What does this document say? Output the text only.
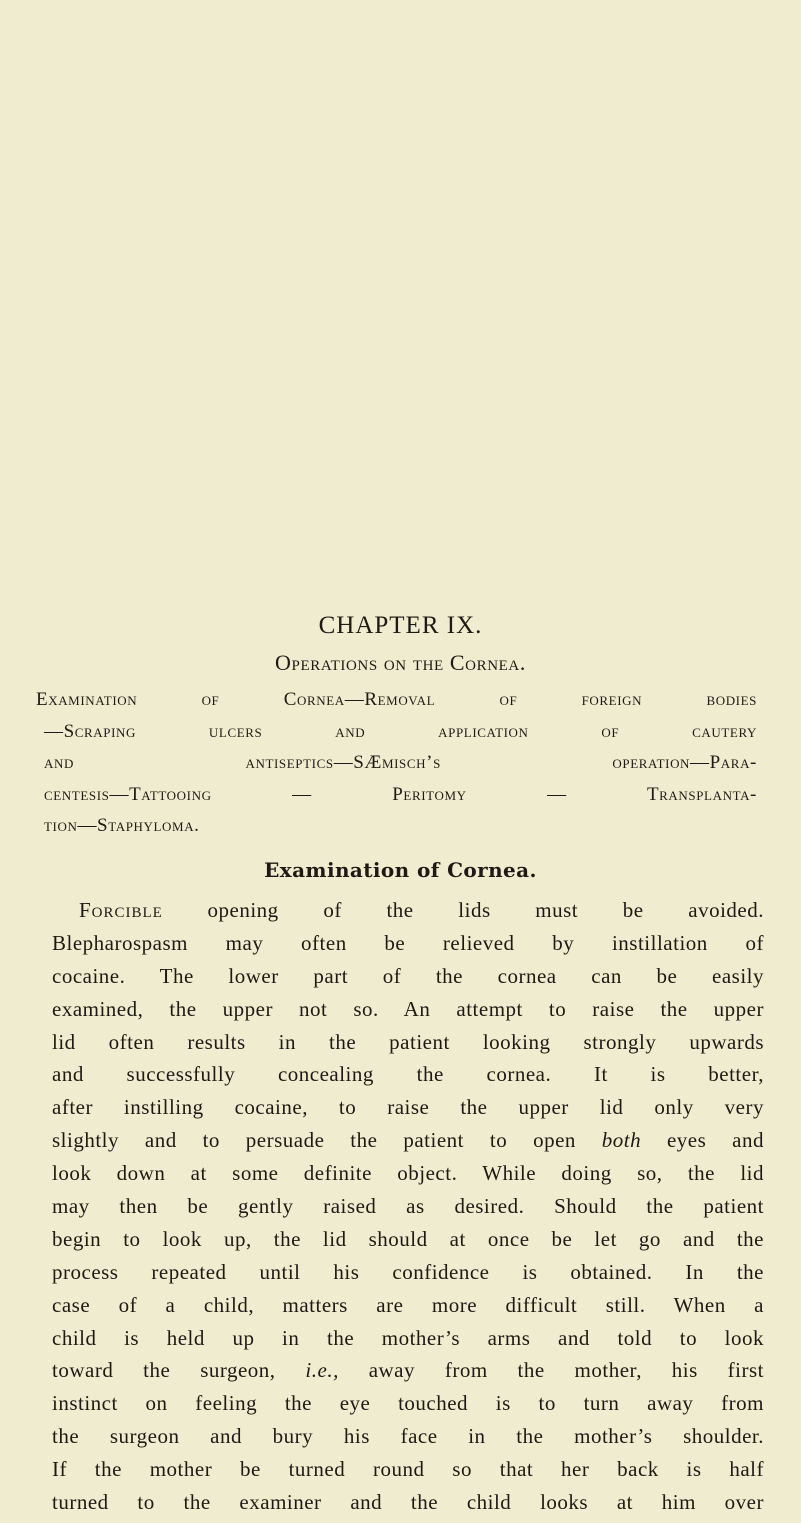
CHAPTER IX.
Operations on the Cornea.
Examination of Cornea—Removal of foreign bodies
—Scraping ulcers and application of cautery
and antiseptics—SÆmisch’s operation—Para-
centesis—Tattooing — Peritomy — Transplanta-
tion—Staphyloma.
Examination of Cornea.
Forcible opening of the lids must be avoided.
Blepharospasm may often be relieved by instillation of
cocaine. The lower part of the cornea can be easily
examined, the upper not so. An attempt to raise the upper
lid often results in the patient looking strongly upwards
and successfully concealing the cornea. It is better,
after instilling cocaine, to raise the upper lid only very
slightly and to persuade the patient to open both eyes and
look down at some definite object. While doing so, the lid
may then be gently raised as desired. Should the patient
begin to look up, the lid should at once be let go and the
process repeated until his confidence is obtained. In the
case of a child, matters are more difficult still. When a
child is held up in the mother’s arms and told to look
toward the surgeon, i.e., away from the mother, his first
instinct on feeling the eye touched is to turn away from
the surgeon and bury his face in the mother’s shoulder.
If the mother be turned round so that her back is half
turned to the examiner and the child looks at him over
